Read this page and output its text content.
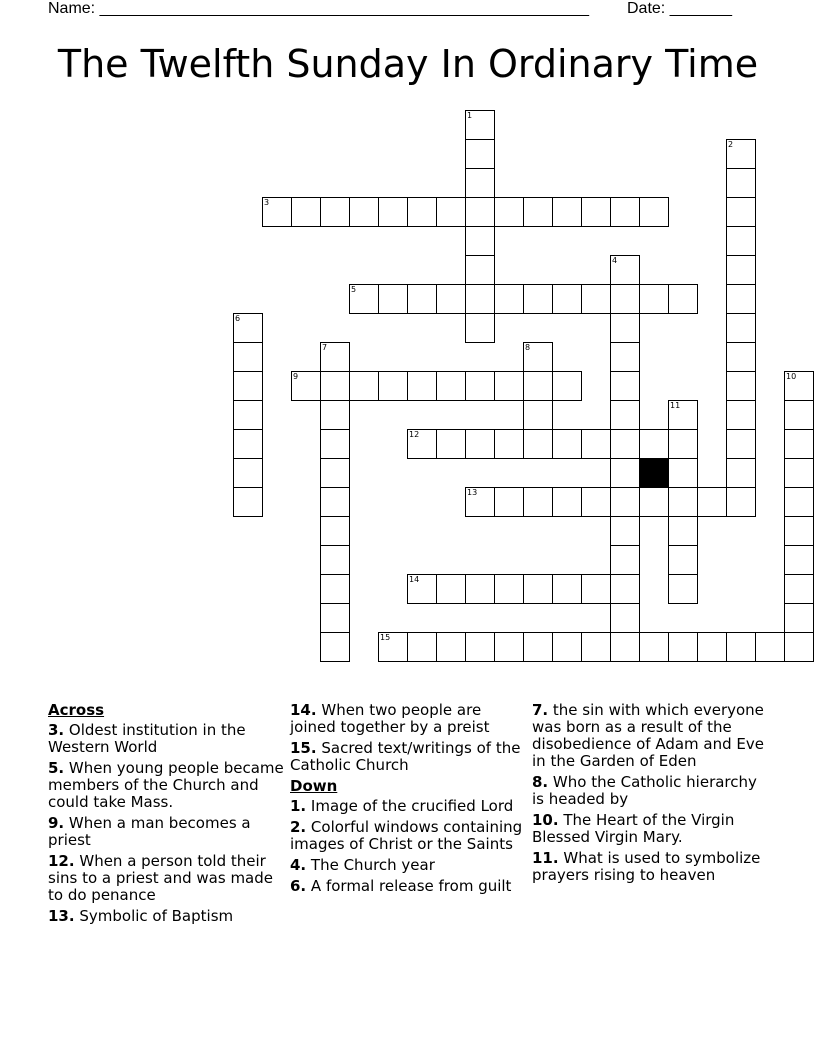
Name: _______________________________________________________ Date: _______
The Twelfth Sunday In Ordinary Time
1
2
3
4
5
6
7	8
9	10
11
12
13
14
15
Across
3. Oldest institution in the Western World
5. When young people became members of the Church and could take Mass.
9. When a man becomes a priest
12. When a person told their sins to a priest and was made to do penance
13. Symbolic of Baptism
14. When two people are joined together by a preist
15. Sacred text/writings of the Catholic Church
Down
1. Image of the crucified Lord
2. Colorful windows containing images of Christ or the Saints
4. The Church year
6. A formal release from guilt
7. the sin with which everyone was born as a result of the disobedience of Adam and Eve in the Garden of Eden
8. Who the Catholic hierarchy is headed by
10. The Heart of the Virgin Blessed Virgin Mary.
11. What is used to symbolize prayers rising to heaven
